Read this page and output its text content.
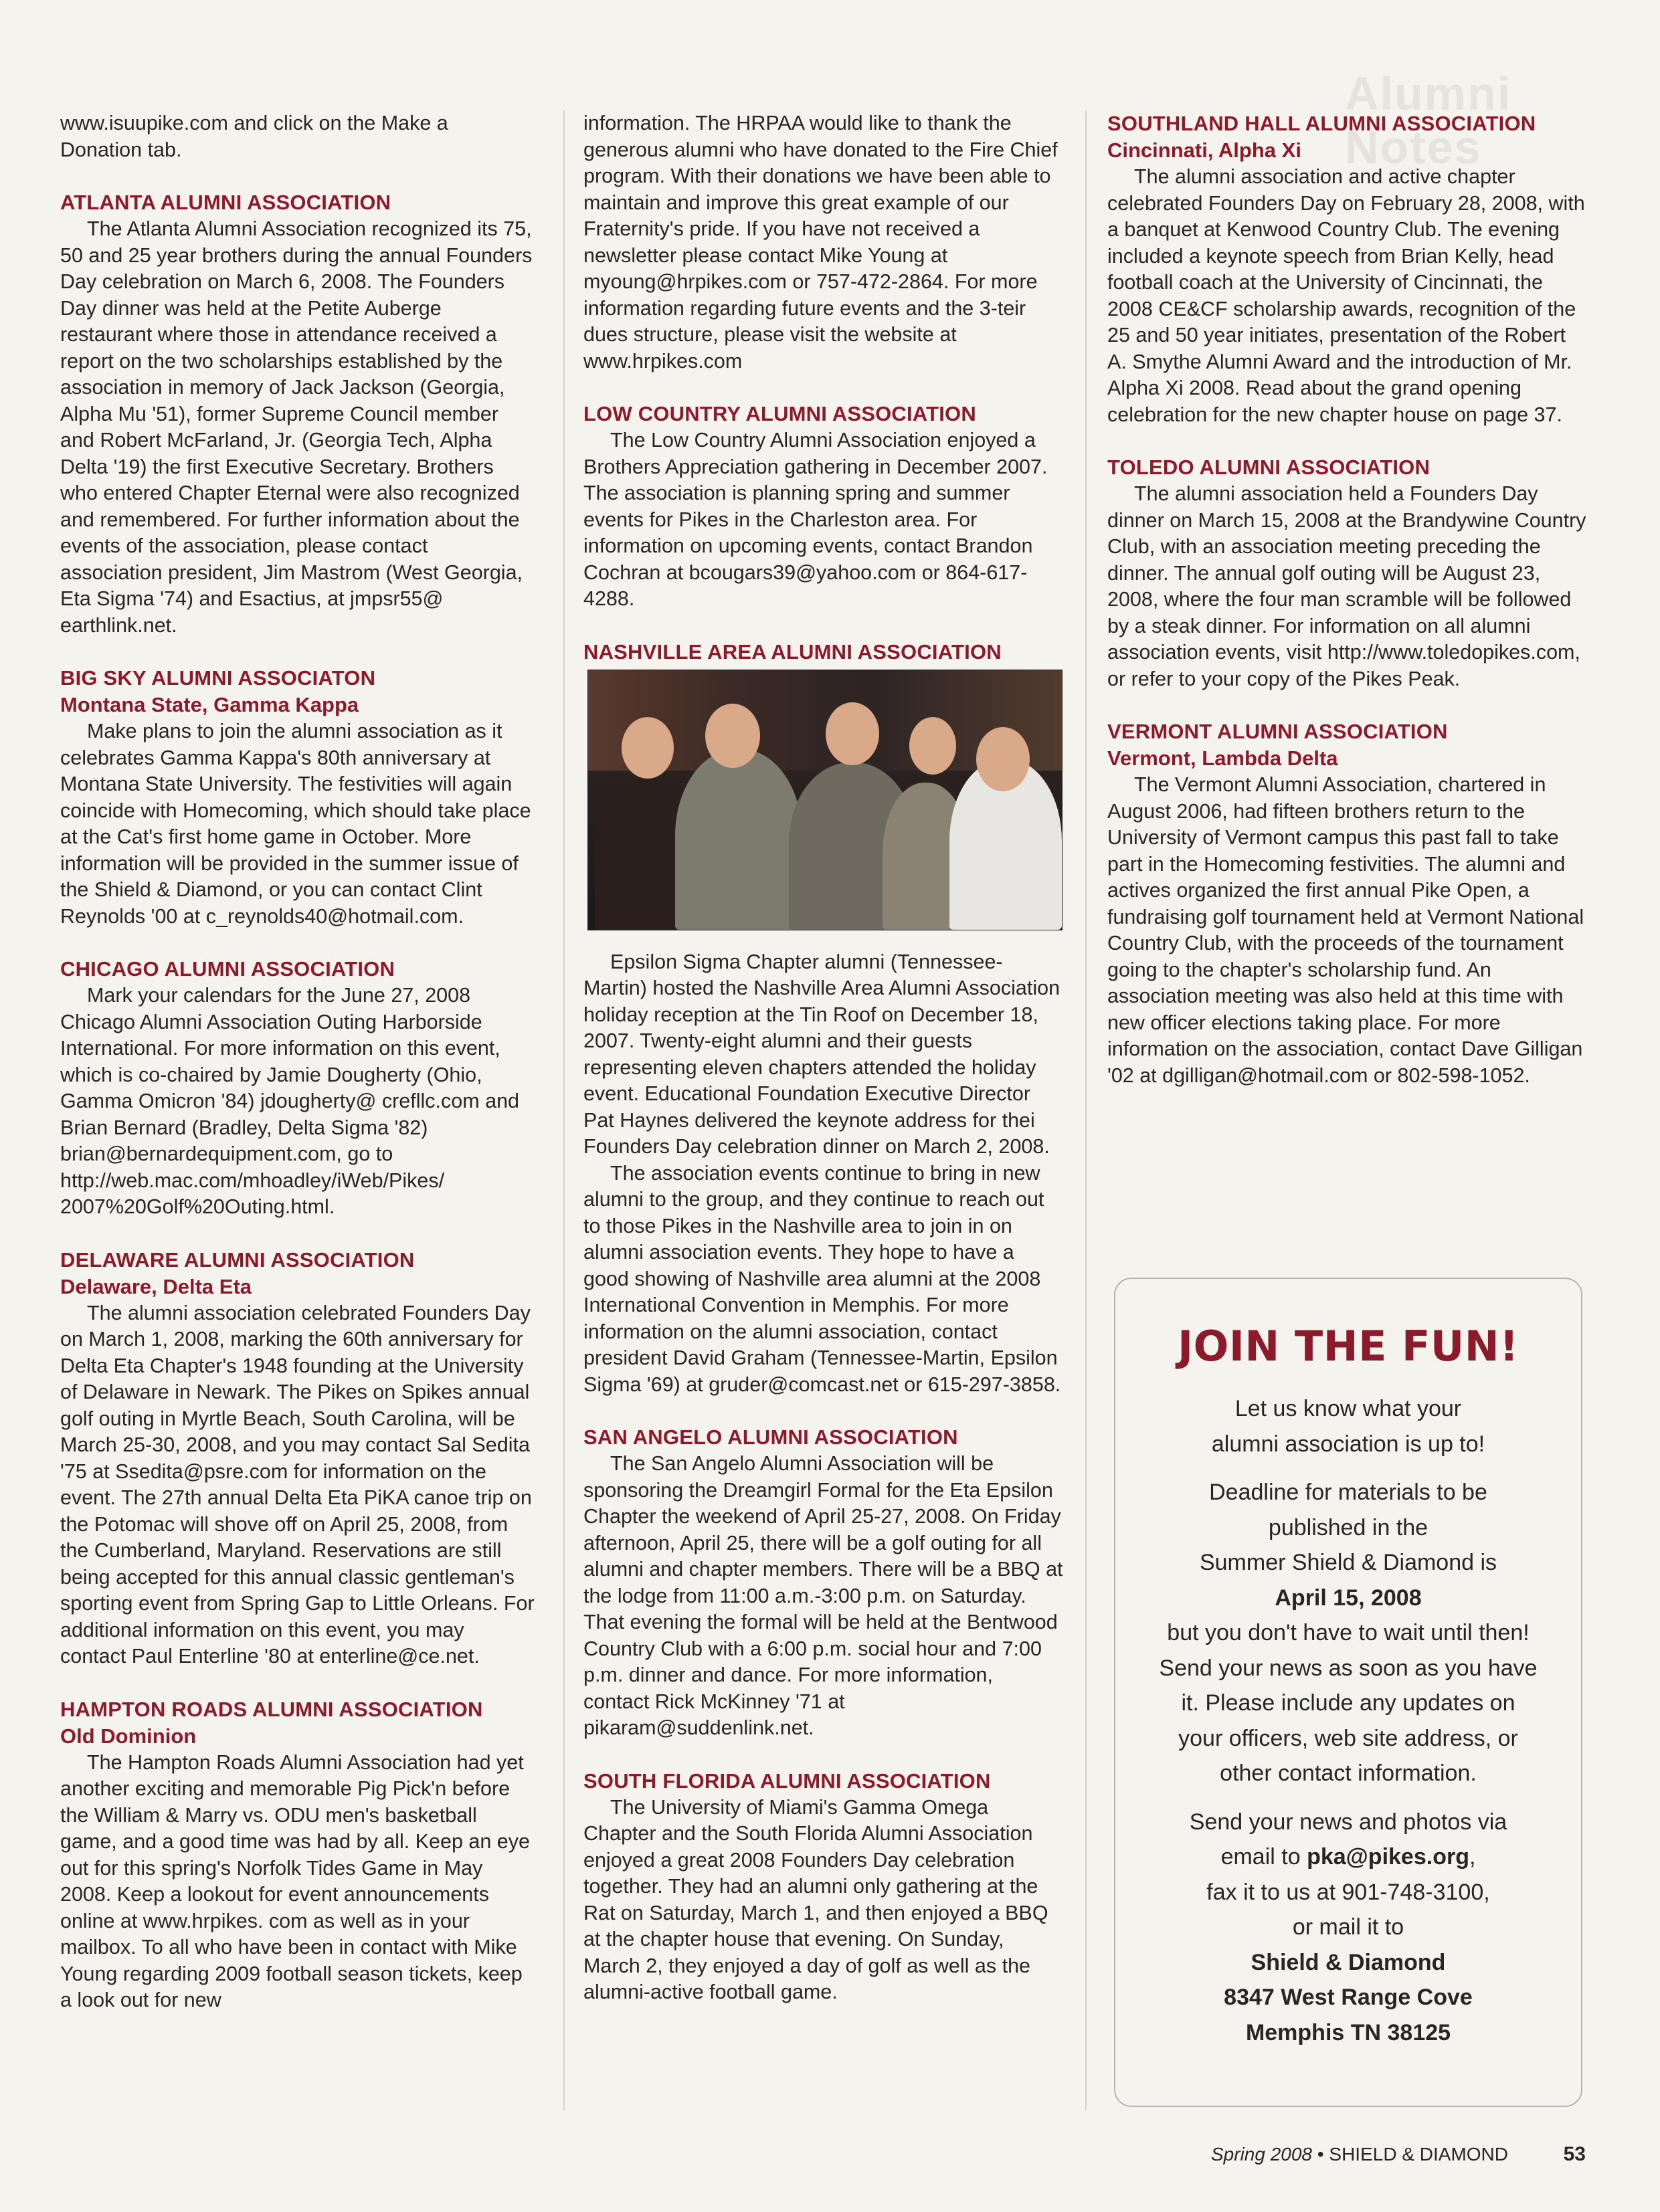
Alumni Notes

www.isuupike.com and click on the Make a Donation tab.

ATLANTA ALUMNI ASSOCIATION

The Atlanta Alumni Association recognized its 75, 50 and 25 year brothers during the annual Founders Day celebration on March 6, 2008. The Founders Day dinner was held at the Petite Auberge restaurant where those in attendance received a report on the two scholarships established by the association in memory of Jack Jackson (Georgia, Alpha Mu '51), former Supreme Council member and Robert McFarland, Jr. (Georgia Tech, Alpha Delta '19) the first Executive Secretary. Brothers who entered Chapter Eternal were also recognized and remembered. For further information about the events of the association, please contact association president, Jim Mastrom (West Georgia, Eta Sigma '74) and Esactius, at jmpsr55@ earthlink.net.

BIG SKY ALUMNI ASSOCIATON
Montana State, Gamma Kappa

Make plans to join the alumni association as it celebrates Gamma Kappa's 80th anniversary at Montana State University. The festivities will again coincide with Homecoming, which should take place at the Cat's first home game in October. More information will be provided in the summer issue of the Shield & Diamond, or you can contact Clint Reynolds '00 at c_reynolds40@hotmail.com.

CHICAGO ALUMNI ASSOCIATION

Mark your calendars for the June 27, 2008 Chicago Alumni Association Outing Harborside International. For more information on this event, which is co-chaired by Jamie Dougherty (Ohio, Gamma Omicron '84) jdougherty@ crefllc.com and Brian Bernard (Bradley, Delta Sigma '82) brian@bernardequipment.com, go to http://web.mac.com/mhoadley/iWeb/Pikes/ 2007%20Golf%20Outing.html.

DELAWARE ALUMNI ASSOCIATION
Delaware, Delta Eta

The alumni association celebrated Founders Day on March 1, 2008, marking the 60th anniversary for Delta Eta Chapter's 1948 founding at the University of Delaware in Newark. The Pikes on Spikes annual golf outing in Myrtle Beach, South Carolina, will be March 25-30, 2008, and you may contact Sal Sedita '75 at Ssedita@psre.com for information on the event. The 27th annual Delta Eta PiKA canoe trip on the Potomac will shove off on April 25, 2008, from the Cumberland, Maryland. Reservations are still being accepted for this annual classic gentleman's sporting event from Spring Gap to Little Orleans. For additional information on this event, you may contact Paul Enterline '80 at enterline@ce.net.

HAMPTON ROADS ALUMNI ASSOCIATION
Old Dominion

The Hampton Roads Alumni Association had yet another exciting and memorable Pig Pick'n before the William & Marry vs. ODU men's basketball game, and a good time was had by all. Keep an eye out for this spring's Norfolk Tides Game in May 2008. Keep a lookout for event announcements online at www.hrpikes. com as well as in your mailbox. To all who have been in contact with Mike Young regarding 2009 football season tickets, keep a look out for new

information. The HRPAA would like to thank the generous alumni who have donated to the Fire Chief program. With their donations we have been able to maintain and improve this great example of our Fraternity's pride. If you have not received a newsletter please contact Mike Young at myoung@hrpikes.com or 757-472-2864. For more information regarding future events and the 3-teir dues structure, please visit the website at www.hrpikes.com

LOW COUNTRY ALUMNI ASSOCIATION

The Low Country Alumni Association enjoyed a Brothers Appreciation gathering in December 2007. The association is planning spring and summer events for Pikes in the Charleston area. For information on upcoming events, contact Brandon Cochran at bcougars39@yahoo.com or 864-617-4288.

NASHVILLE AREA ALUMNI ASSOCIATION

Epsilon Sigma Chapter alumni (Tennessee-Martin) hosted the Nashville Area Alumni Association holiday reception at the Tin Roof on December 18, 2007. Twenty-eight alumni and their guests representing eleven chapters attended the holiday event. Educational Foundation Executive Director Pat Haynes delivered the keynote address for thei Founders Day celebration dinner on March 2, 2008.

The association events continue to bring in new alumni to the group, and they continue to reach out to those Pikes in the Nashville area to join in on alumni association events. They hope to have a good showing of Nashville area alumni at the 2008 International Convention in Memphis. For more information on the alumni association, contact president David Graham (Tennessee-Martin, Epsilon Sigma '69) at gruder@comcast.net or 615-297-3858.

SAN ANGELO ALUMNI ASSOCIATION

The San Angelo Alumni Association will be sponsoring the Dreamgirl Formal for the Eta Epsilon Chapter the weekend of April 25-27, 2008. On Friday afternoon, April 25, there will be a golf outing for all alumni and chapter members. There will be a BBQ at the lodge from 11:00 a.m.-3:00 p.m. on Saturday. That evening the formal will be held at the Bentwood Country Club with a 6:00 p.m. social hour and 7:00 p.m. dinner and dance. For more information, contact Rick McKinney '71 at pikaram@suddenlink.net.

SOUTH FLORIDA ALUMNI ASSOCIATION

The University of Miami's Gamma Omega Chapter and the South Florida Alumni Association enjoyed a great 2008 Founders Day celebration together. They had an alumni only gathering at the Rat on Saturday, March 1, and then enjoyed a BBQ at the chapter house that evening. On Sunday, March 2, they enjoyed a day of golf as well as the alumni-active football game.

SOUTHLAND HALL ALUMNI ASSOCIATION
Cincinnati, Alpha Xi

The alumni association and active chapter celebrated Founders Day on February 28, 2008, with a banquet at Kenwood Country Club. The evening included a keynote speech from Brian Kelly, head football coach at the University of Cincinnati, the 2008 CE&CF scholarship awards, recognition of the 25 and 50 year initiates, presentation of the Robert A. Smythe Alumni Award and the introduction of Mr. Alpha Xi 2008. Read about the grand opening celebration for the new chapter house on page 37.

TOLEDO ALUMNI ASSOCIATION

The alumni association held a Founders Day dinner on March 15, 2008 at the Brandywine Country Club, with an association meeting preceding the dinner. The annual golf outing will be August 23, 2008, where the four man scramble will be followed by a steak dinner. For information on all alumni association events, visit http://www.toledopikes.com, or refer to your copy of the Pikes Peak.

VERMONT ALUMNI ASSOCIATION
Vermont, Lambda Delta

The Vermont Alumni Association, chartered in August 2006, had fifteen brothers return to the University of Vermont campus this past fall to take part in the Homecoming festivities. The alumni and actives organized the first annual Pike Open, a fundraising golf tournament held at Vermont National Country Club, with the proceeds of the tournament going to the chapter's scholarship fund. An association meeting was also held at this time with new officer elections taking place. For more information on the association, contact Dave Gilligan '02 at dgilligan@hotmail.com or 802-598-1052.

JOIN THE FUN!
Let us know what your
alumni association is up to!
Deadline for materials to be
published in the
Summer Shield & Diamond is
April 15, 2008
but you don't have to wait until then!
Send your news as soon as you have
it. Please include any updates on
your officers, web site address, or
other contact information.
Send your news and photos via
email to pka@pikes.org,
fax it to us at 901-748-3100,
or mail it to
Shield & Diamond
8347 West Range Cove
Memphis TN 38125
Spring 2008 • SHIELD & DIAMOND	53
